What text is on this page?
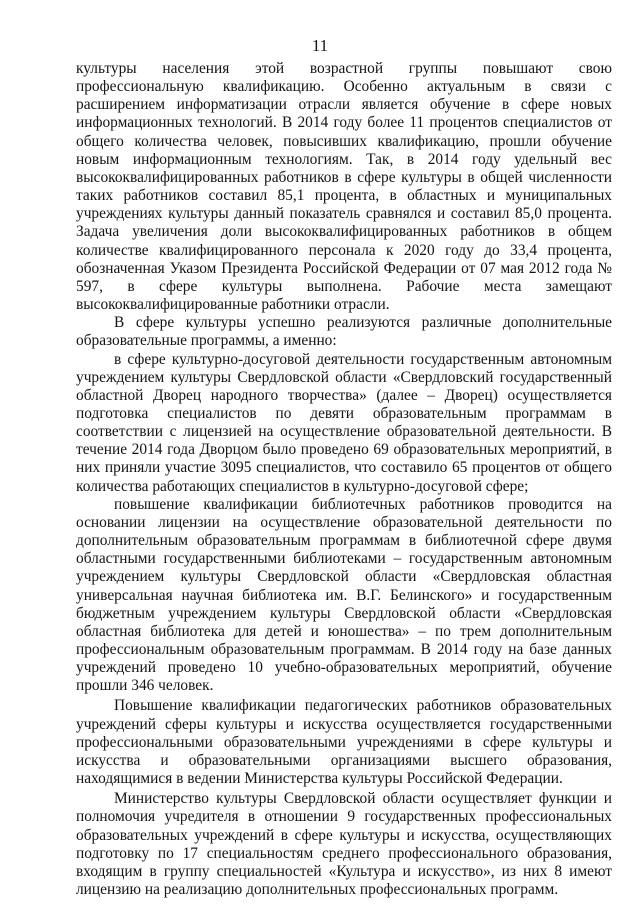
11

культуры населения этой возрастной группы повышают свою профессиональную квалификацию. Особенно актуальным в связи с расширением информатизации отрасли является обучение в сфере новых информационных технологий. В 2014 году более 11 процентов специалистов от общего количества человек, повысивших квалификацию, прошли обучение новым информационным технологиям. Так, в 2014 году удельный вес высококвалифицированных работников в сфере культуры в общей численности таких работников составил 85,1 процента, в областных и муниципальных учреждениях культуры данный показатель сравнялся и составил 85,0 процента. Задача увеличения доли высококвалифицированных работников в общем количестве квалифицированного персонала к 2020 году до 33,4 процента, обозначенная Указом Президента Российской Федерации от 07 мая 2012 года № 597, в сфере культуры выполнена. Рабочие места замещают высококвалифицированные работники отрасли.

В сфере культуры успешно реализуются различные дополнительные образовательные программы, а именно:

в сфере культурно-досуговой деятельности государственным автономным учреждением культуры Свердловской области «Свердловский государственный областной Дворец народного творчества» (далее – Дворец) осуществляется подготовка специалистов по девяти образовательным программам в соответствии с лицензией на осуществление образовательной деятельности. В течение 2014 года Дворцом было проведено 69 образовательных мероприятий, в них приняли участие 3095 специалистов, что составило 65 процентов от общего количества работающих специалистов в культурно-досуговой сфере;

повышение квалификации библиотечных работников проводится на основании лицензии на осуществление образовательной деятельности по дополнительным образовательным программам в библиотечной сфере двумя областными государственными библиотеками – государственным автономным учреждением культуры Свердловской области «Свердловская областная универсальная научная библиотека им. В.Г. Белинского» и государственным бюджетным учреждением культуры Свердловской области «Свердловская областная библиотека для детей и юношества» – по трем дополнительным профессиональным образовательным программам. В 2014 году на базе данных учреждений проведено 10 учебно-образовательных мероприятий, обучение прошли 346 человек.

Повышение квалификации педагогических работников образовательных учреждений сферы культуры и искусства осуществляется государственными профессиональными образовательными учреждениями в сфере культуры и искусства и образовательными организациями высшего образования, находящимися в ведении Министерства культуры Российской Федерации.

Министерство культуры Свердловской области осуществляет функции и полномочия учредителя в отношении 9 государственных профессиональных образовательных учреждений в сфере культуры и искусства, осуществляющих подготовку по 17 специальностям среднего профессионального образования, входящим в группу специальностей «Культура и искусство», из них 8 имеют лицензию на реализацию дополнительных профессиональных программ.
